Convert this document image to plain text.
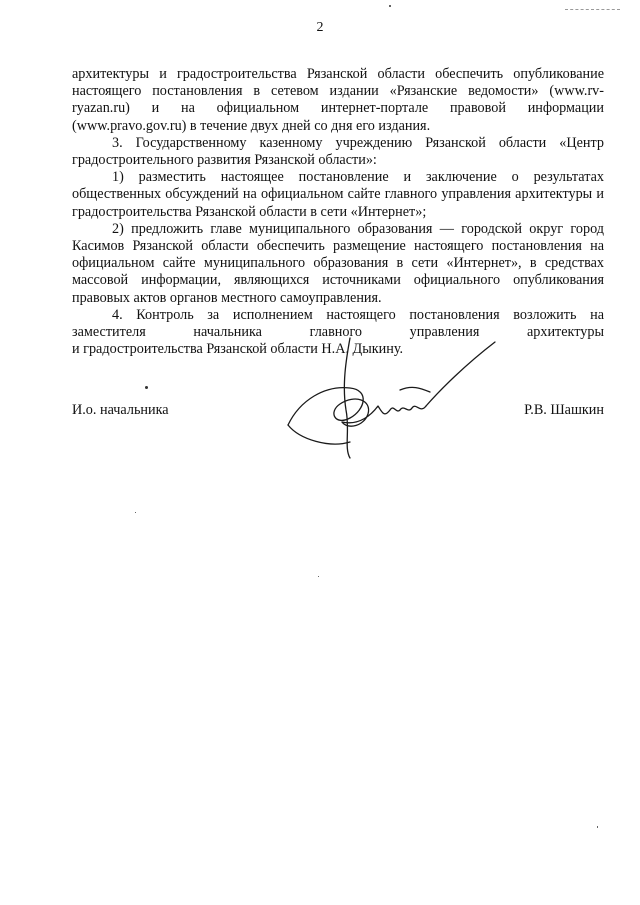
2

архитектуры и градостроительства Рязанской области обеспечить опубликование настоящего постановления в сетевом издании «Рязанские ведомости» (www.rv-ryazan.ru) и на официальном интернет-портале правовой информации (www.pravo.gov.ru) в течение двух дней со дня его издания.

3. Государственному казенному учреждению Рязанской области «Центр градостроительного развития Рязанской области»:

1) разместить настоящее постановление и заключение о результатах общественных обсуждений на официальном сайте главного управления архитектуры и градостроительства Рязанской области в сети «Интернет»;

2) предложить главе муниципального образования — городской округ город Касимов Рязанской области обеспечить размещение настоящего постановления на официальном сайте муниципального образования в сети «Интернет», в средствах массовой информации, являющихся источниками официального опубликования правовых актов органов местного самоуправления.

4. Контроль за исполнением настоящего постановления возложить на заместителя начальника главного управления архитектуры

и градостроительства Рязанской области Н.А. Дыкину.

И.о. начальника	Р.В. Шашкин
